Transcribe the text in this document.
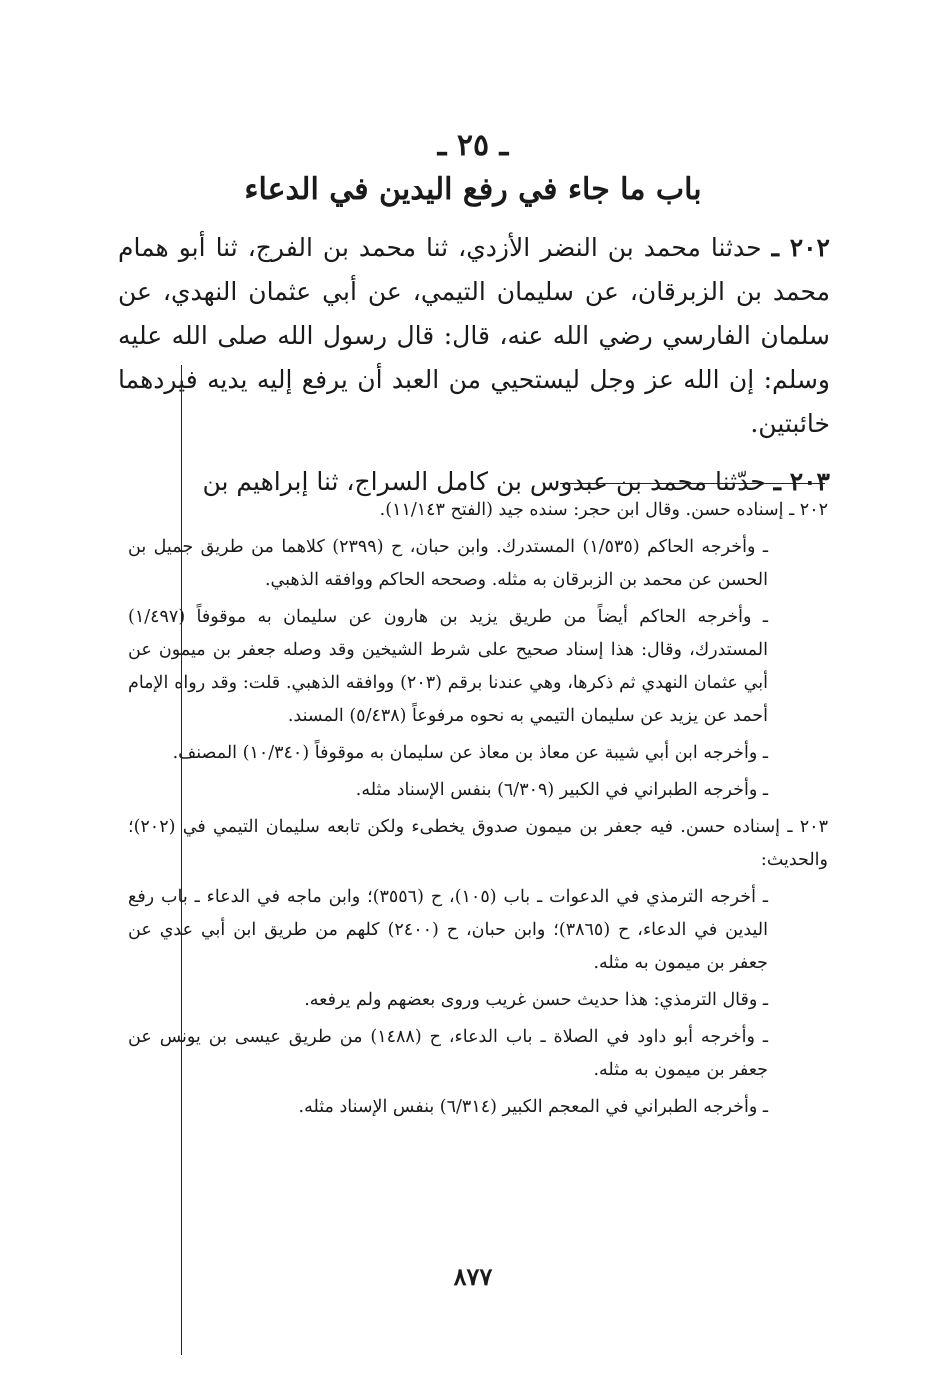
ـ ٢٥ ـ
باب ما جاء في رفع اليدين في الدعاء

٢٠٢ ـ حدثنا محمد بن النضر الأزدي، ثنا محمد بن الفرج، ثنا أبو همام محمد بن الزبرقان، عن سليمان التيمي، عن أبي عثمان النهدي، عن سلمان الفارسي رضي الله عنه، قال: قال رسول الله صلى الله عليه وسلم: إن الله عز وجل ليستحيي من العبد أن يرفع إليه يديه فيردهما خائبتين.

٢٠٣ ـ حدّثنا محمد بن عبدوس بن كامل السراج، ثنا إبراهيم بن

٢٠٢ ـ إسناده حسن. وقال ابن حجر: سنده جيد (الفتح ١١/١٤٣).

ـ وأخرجه الحاكم (١/٥٣٥) المستدرك. وابن حبان، ح (٢٣٩٩) كلاهما من طريق جميل بن الحسن عن محمد بن الزبرقان به مثله. وصححه الحاكم ووافقه الذهبي.

ـ وأخرجه الحاكم أيضاً من طريق يزيد بن هارون عن سليمان به موقوفاً (١/٤٩٧) المستدرك، وقال: هذا إسناد صحيح على شرط الشيخين وقد وصله جعفر بن ميمون عن أبي عثمان النهدي ثم ذكرها، وهي عندنا برقم (٢٠٣) ووافقه الذهبي. قلت: وقد رواه الإمام أحمد عن يزيد عن سليمان التيمي به نحوه مرفوعاً (٥/٤٣٨) المسند.

ـ وأخرجه ابن أبي شيبة عن معاذ بن معاذ عن سليمان به موقوفاً (١٠/٣٤٠) المصنف.

ـ وأخرجه الطبراني في الكبير (٦/٣٠٩) بنفس الإسناد مثله.

٢٠٣ ـ إسناده حسن. فيه جعفر بن ميمون صدوق يخطىء ولكن تابعه سليمان التيمي في (٢٠٢)؛ والحديث:

ـ أخرجه الترمذي في الدعوات ـ باب (١٠٥)، ح (٣٥٥٦)؛ وابن ماجه في الدعاء ـ باب رفع اليدين في الدعاء، ح (٣٨٦٥)؛ وابن حبان، ح (٢٤٠٠) كلهم من طريق ابن أبي عدي عن جعفر بن ميمون به مثله.

ـ وقال الترمذي: هذا حديث حسن غريب وروى بعضهم ولم يرفعه.

ـ وأخرجه أبو داود في الصلاة ـ باب الدعاء، ح (١٤٨٨) من طريق عيسى بن يونس عن جعفر بن ميمون به مثله.

ـ وأخرجه الطبراني في المعجم الكبير (٦/٣١٤) بنفس الإسناد مثله.

٨٧٧
